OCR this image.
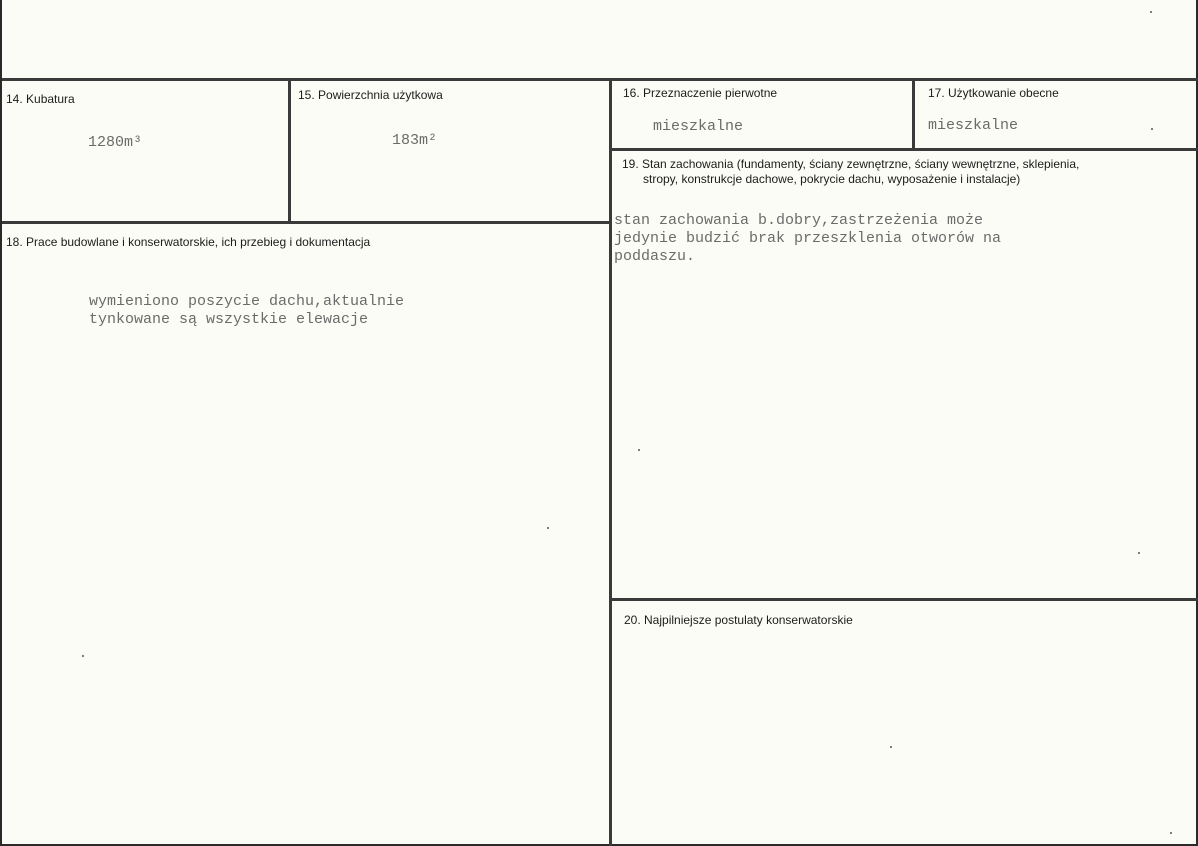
14. Kubatura
1280m³
15. Powierzchnia użytkowa
183m²
16. Przeznaczenie pierwotne
mieszkalne
17. Użytkowanie obecne
mieszkalne
19. Stan zachowania (fundamenty, ściany zewnętrzne, ściany wewnętrzne, sklepienia,
stropy, konstrukcje dachowe, pokrycie dachu, wyposażenie i instalacje)
stan zachowania b.dobry,zastrzeżenia może
jedynie budzić brak przeszklenia otworów na
poddaszu.
18. Prace budowlane i konserwatorskie, ich przebieg i dokumentacja
wymieniono poszycie dachu,aktualnie
tynkowane są wszystkie elewacje
20. Najpilniejsze postulaty konserwatorskie
